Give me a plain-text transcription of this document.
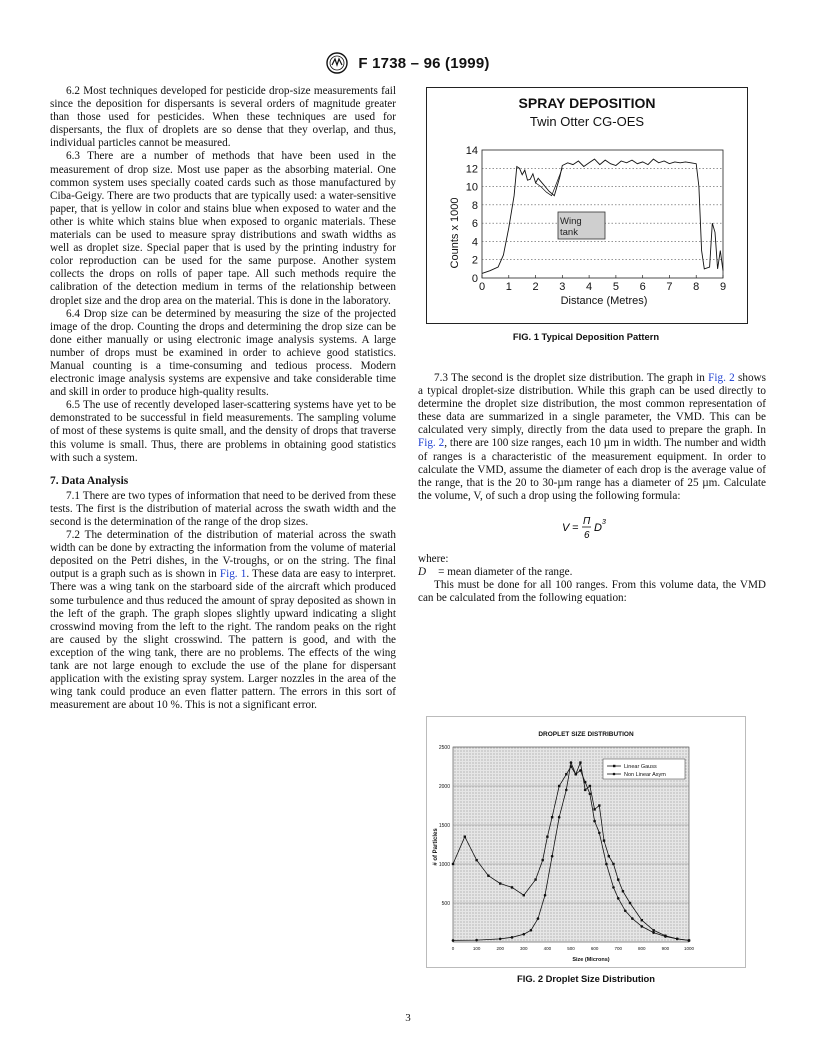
F 1738 – 96 (1999)

6.2 Most techniques developed for pesticide drop-size measurements fail since the deposition for dispersants is several orders of magnitude greater than those used for pesticides. When these techniques are used for dispersants, the flux of droplets are so dense that they overlap, and thus, individual particles cannot be measured.

6.3 There are a number of methods that have been used in the measurement of drop size. Most use paper as the absorbing material. One common system uses specially coated cards such as those manufactured by Ciba-Geigy. There are two products that are typically used: a water-sensitive paper, that is yellow in color and stains blue when exposed to water and the other is white which stains blue when exposed to organic materials. These materials can be used to measure spray distributions and swath widths as well as droplet size. Special paper that is used by the printing industry for color reproduction can be used for the same purpose. Another system collects the drops on rolls of paper tape. All such methods require the calibration of the detection medium in terms of the relationship between droplet size and the drop area on the material. This is done in the laboratory.

6.4 Drop size can be determined by measuring the size of the projected image of the drop. Counting the drops and determining the drop size can be done either manually or using electronic image analysis systems. A large number of drops must be examined in order to achieve good statistics. Manual counting is a time-consuming and tedious process. Modern electronic image analysis systems are expensive and take considerable time and skill in order to produce high-quality results.

6.5 The use of recently developed laser-scattering systems have yet to be demonstrated to be successful in field measurements. The sampling volume of most of these systems is quite small, and the density of drops that traverse this volume is small. Thus, there are problems in obtaining good statistics with such a system.

7. Data Analysis

7.1 There are two types of information that need to be derived from these tests. The first is the distribution of material across the swath width and the second is the determination of the range of the drop sizes.

7.2 The determination of the distribution of material across the swath width can be done by extracting the information from the volume of material deposited on the Petri dishes, in the V-troughs, or on the string. The final output is a graph such as is shown in Fig. 1. These data are easy to interpret. There was a wing tank on the starboard side of the aircraft which produced some turbulence and thus reduced the amount of spray deposited as shown in the left of the graph. The graph slopes slightly upward indicating a slight crosswind moving from the left to the right. The random peaks on the right are caused by the slight crosswind. The pattern is good, and with the exception of the wing tank, there are no problems. The effects of the wing tank are not large enough to exclude the use of the plane for dispersant application with the existing spray system. Larger nozzles in the area of the wing tank could produce an even flatter pattern. The errors in this sort of measurement are about 10 %. This is not a significant error.

SPRAY DEPOSITION
Twin Otter CG-OES
Counts x 1000
Distance (Metres)
0
2
4
6
8
10
12
14
0 1 2 3 4 5 6 7 8 9
Wing tank
FIG. 1 Typical Deposition Pattern

7.3 The second is the droplet size distribution. The graph in Fig. 2 shows a typical droplet-size distribution. While this graph can be used directly to determine the droplet size distribution, the most common representation of these data are summarized in a single parameter, the VMD. This can be calculated very simply, directly from the data used to prepare the graph. In Fig. 2, there are 100 size ranges, each 10 µm in width. The number and width of ranges is a characteristic of the measurement equipment. In order to calculate the VMD, assume the diameter of each drop is the average value of the range, that is the 20 to 30-µm range has a diameter of 25 µm. Calculate the volume, V, of such a drop using the following formula:

V =
Π
6
D 3

where:

D = mean diameter of the range.

This must be done for all 100 ranges. From this volume data, the VMD can be calculated from the following equation:

DROPLET SIZE DISTRIBUTION
# of Particles
Size (Microns)
500
1000
1500
2000
2500
0	100	200	300	400	500	600	700	800	900	1000
Linear Gauss
Non Linear Asym
FIG. 2 Droplet Size Distribution
3
